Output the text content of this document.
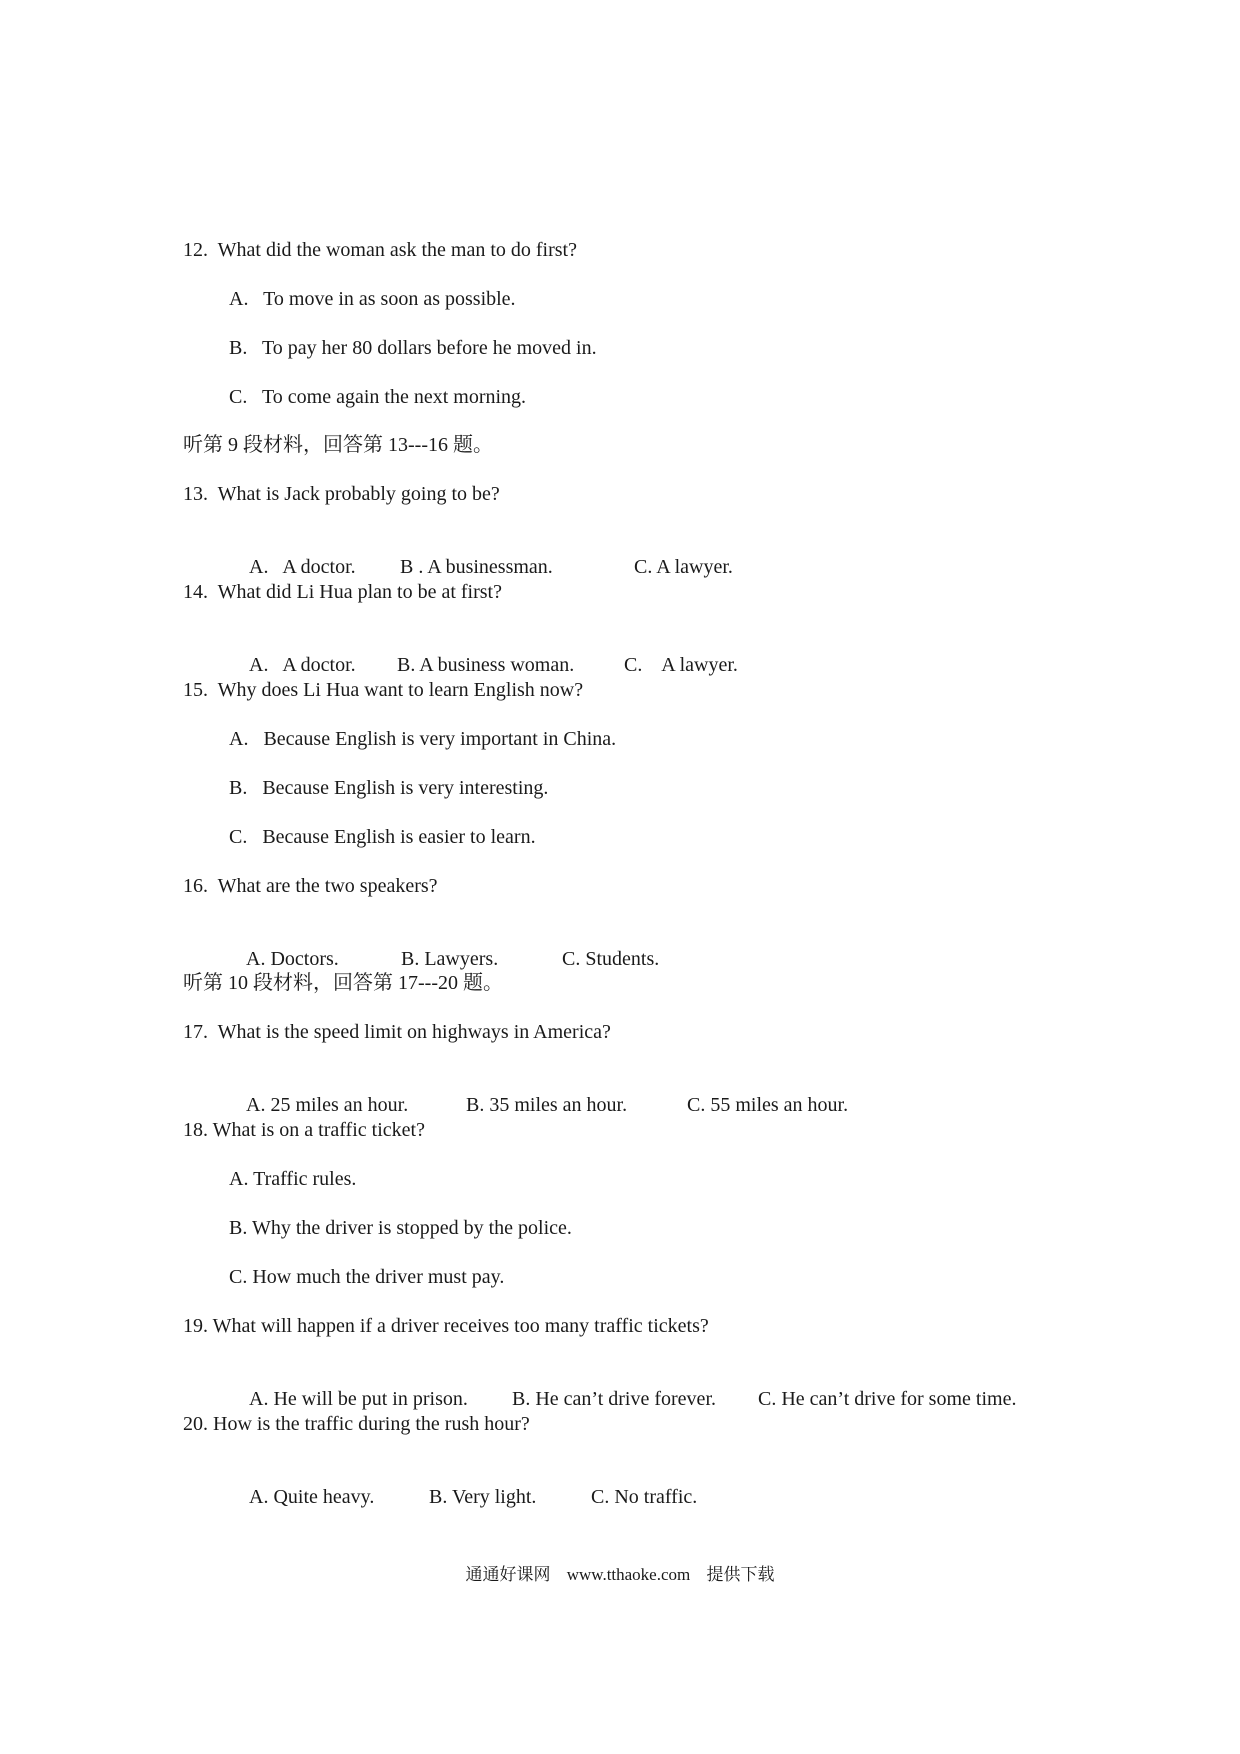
12.  What did the woman ask the man to do first?
A.   To move in as soon as possible.
B.   To pay her 80 dollars before he moved in.
C.   To come again the next morning.
听第 9 段材料，回答第 13---16 题。
13.  What is Jack probably going to be?

A.   A doctor. B . A businessman.	C. A lawyer.

14.  What did Li Hua plan to be at first?

A.   A doctor. B. A business woman. C.    A lawyer.

15.  Why does Li Hua want to learn English now?
A.   Because English is very important in China.
B.   Because English is very interesting.
C.   Because English is easier to learn.
16.  What are the two speakers?

A. Doctors.	B. Lawyers.	C. Students.

听第 10 段材料，回答第 17---20 题。
17.  What is the speed limit on highways in America?

A. 25 miles an hour.	B. 35 miles an hour.	C. 55 miles an hour.

18. What is on a traffic ticket?
A. Traffic rules.
B. Why the driver is stopped by the police.
C. How much the driver must pay.
19. What will happen if a driver receives too many traffic tickets?

A. He will be put in prison. B. He can’t drive forever. C. He can’t drive for some time.

20. How is the traffic during the rush hour?

A. Quite heavy.	B. Very light.	C. No traffic.

通通好课网 www.tthaoke.com 提供下载
